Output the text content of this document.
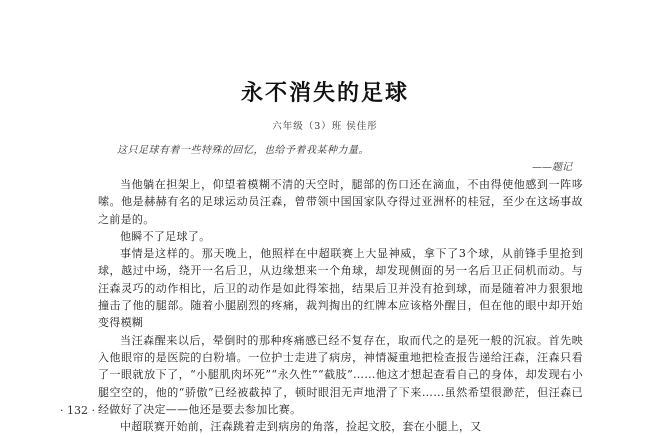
永不消失的足球
六年级（3）班 侯佳彤
这只足球有着一些特殊的回忆，也给予着我某种力量。
——题记

当他躺在担架上，仰望着模糊不清的天空时，腿部的伤口还在滴血，不由得使他感到一阵哆嗦。他是赫赫有名的足球运动员汪森，曾带领中国国家队夺得过亚洲杯的桂冠，至少在这场事故之前是的。

他瞬不了足球了。

事情是这样的。那天晚上，他照样在中超联赛上大显神威，拿下了3个球，从前锋手里抢到球，越过中场，绕开一名后卫，从边缘想来一个角球，却发现侧面的另一名后卫正伺机而动。与汪森灵巧的动作相比，后卫的动作是如此得笨拙，结果后卫并没有抢到球，而是随着冲力狠狠地撞击了他的腿部。随着小腿剧烈的疼痛，裁判掏出的红牌本应该格外醒目，但在他的眼中却开始变得模糊

当汪森醒来以后，晕倒时的那种疼痛感已经不复存在，取而代之的是死一般的沉寂。首先映入他眼帘的是医院的白粉墙。一位护士走进了病房，神情凝重地把检查报告递给汪森，汪森只看了一眼就放下了，“小腿肌肉坏死”“永久性”“截肢”……他这才想起查看自己的身体，却发现右小腿空空的，他的“骄傲”已经被截掉了，顿时眼泪无声地滑了下来……虽然希望很渺茫，但汪森已经做好了决定——他还是要去参加比赛。

中超联赛开始前，汪森跳着走到病房的角落，捡起文胶，套在小腿上，又

· 132 ·
